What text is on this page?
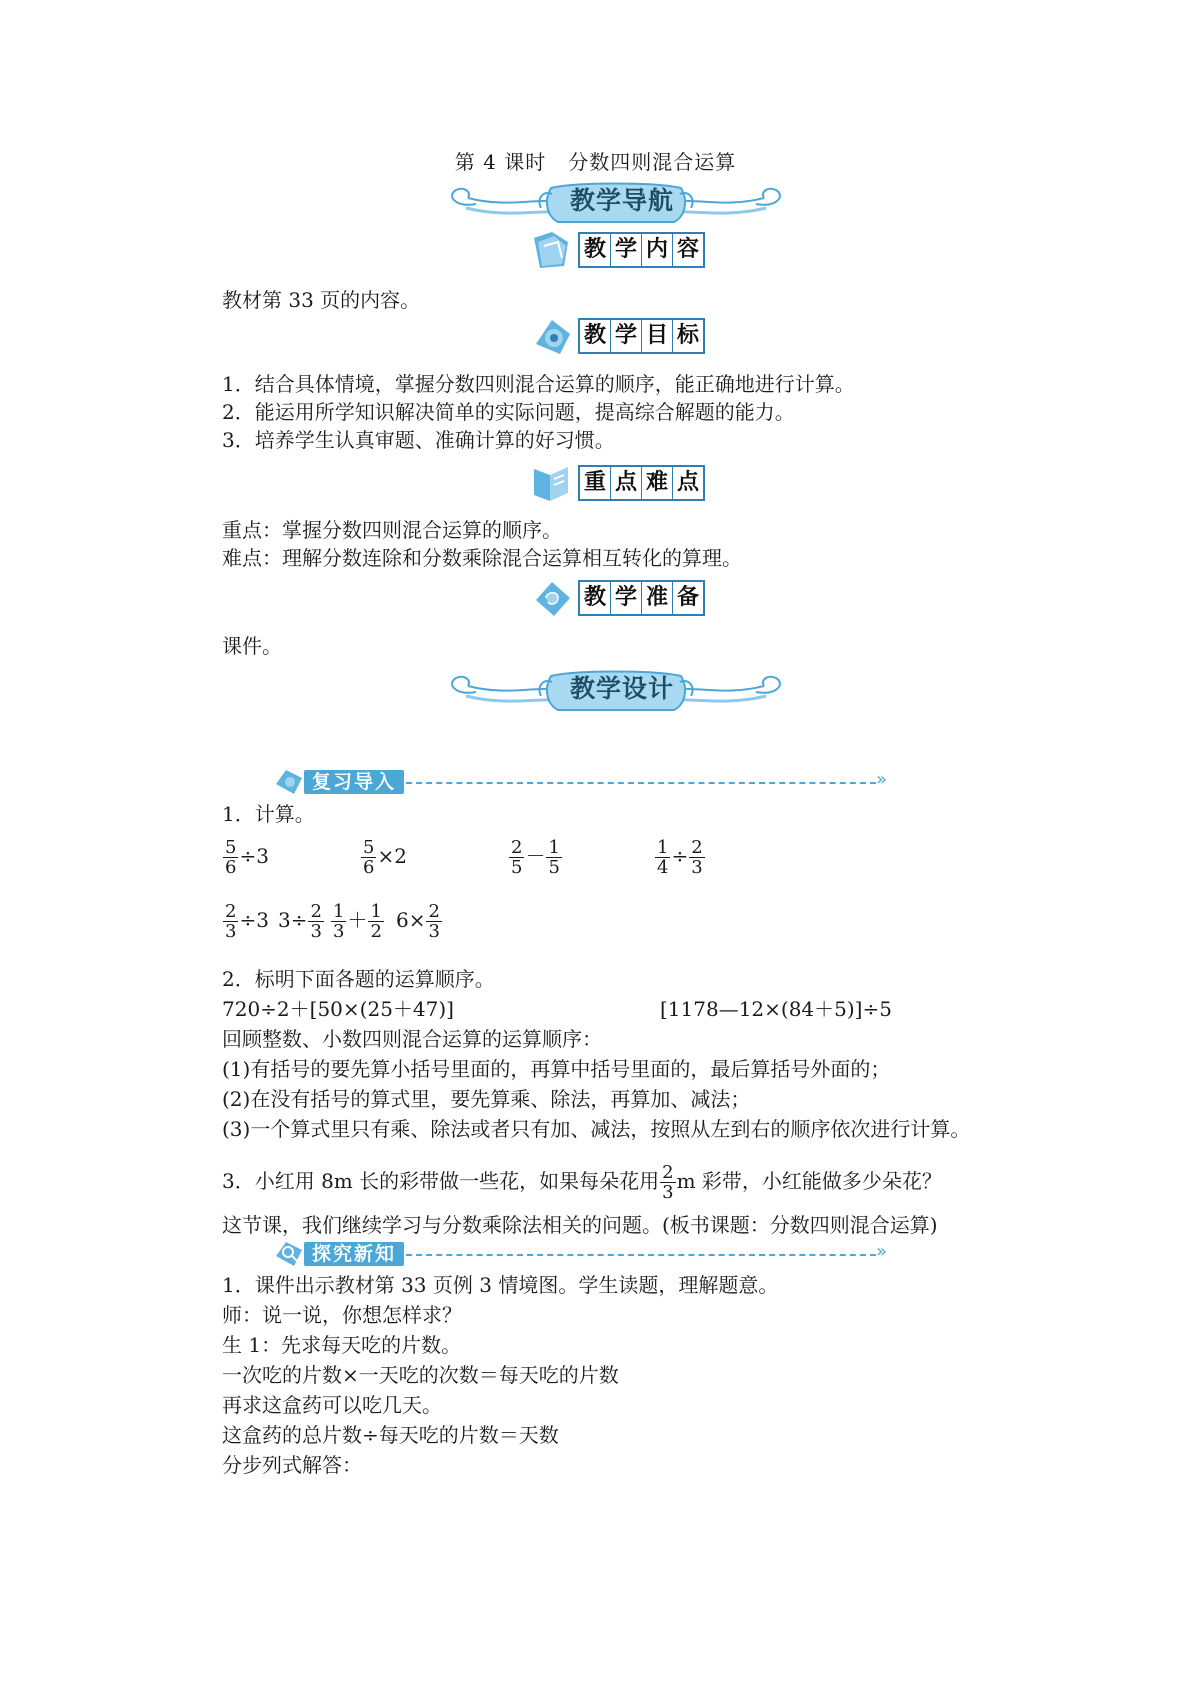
第 4 课时 分数四则混合运算
教学导航
教 学 内 容
教材第 33 页的内容。
教 学 目 标
1．结合具体情境，掌握分数四则混合运算的顺序，能正确地进行计算。
2．能运用所学知识解决简单的实际问题，提高综合解题的能力。
3．培养学生认真审题、准确计算的好习惯。
重 点 难 点
重点：掌握分数四则混合运算的顺序。
难点：理解分数连除和分数乘除混合运算相互转化的算理。
教 学 准 备
课件。
教学设计
复习导入	»
1．计算。
$\frac{5}{6} \div 3$	$\frac{5}{6} \times 2$	$\frac{2}{5} - \frac{1}{5}$	$\frac{1}{4} \div \frac{2}{3}$
$\frac{2}{3} \div 3$ $3\div \frac{2}{3} \frac{1}{3} + \frac{1}{2} 6\times \frac{2}{3}$
2．标明下面各题的运算顺序。
720÷2＋[50×(25＋47)]	[1178—12×(84＋5)]÷5
回顾整数、小数四则混合运算的运算顺序：
(1)有括号的要先算小括号里面的，再算中括号里面的，最后算括号外面的；
(2)在没有括号的算式里，要先算乘、除法，再算加、减法；
(3)一个算式里只有乘、除法或者只有加、减法，按照从左到右的顺序依次进行计算。
3．小红用 8m 长的彩带做一些花，如果每朵花用 $\frac{2}{3}$ m 彩带，小红能做多少朵花？
这节课，我们继续学习与分数乘除法相关的问题。(板书课题：分数四则混合运算)
探究新知	»
1．课件出示教材第 33 页例 3 情境图。学生读题，理解题意。
师：说一说，你想怎样求？
生 1：先求每天吃的片数。
一次吃的片数×一天吃的次数＝每天吃的片数
再求这盒药可以吃几天。
这盒药的总片数÷每天吃的片数＝天数
分步列式解答：
